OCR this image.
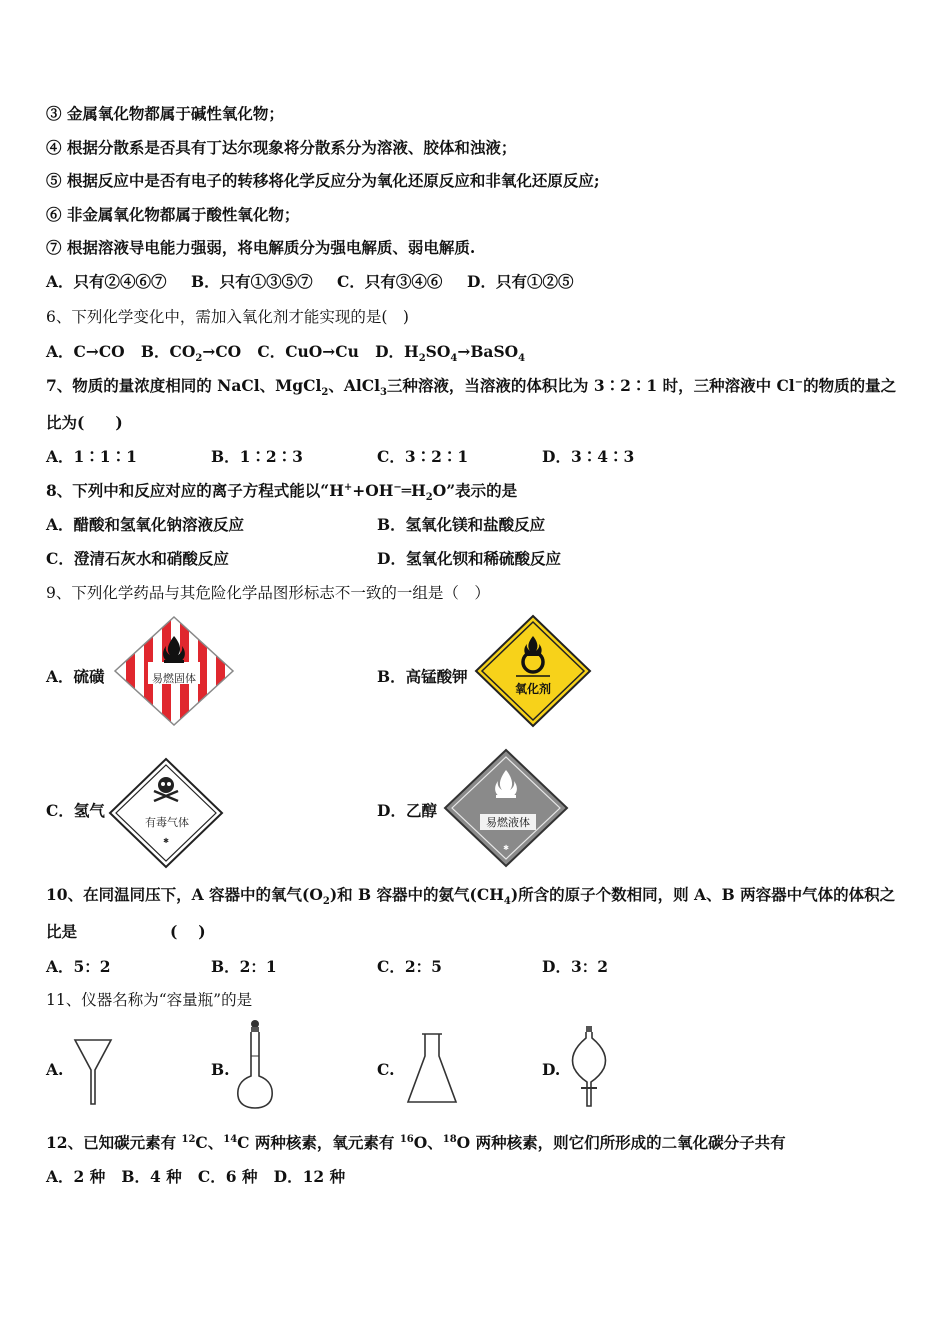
③ 金属氧化物都属于碱性氧化物；
④ 根据分散系是否具有丁达尔现象将分散系分为溶液、胶体和浊液；
⑤ 根据反应中是否有电子的转移将化学反应分为氧化还原反应和非氧化还原反应;
⑥ 非金属氧化物都属于酸性氧化物；
⑦ 根据溶液导电能力强弱，将电解质分为强电解质、弱电解质.
A．只有②④⑥⑦ B．只有①③⑤⑦ C．只有③④⑥ D．只有①②⑤
6、下列化学变化中，需加入氧化剂才能实现的是(　)
A．C→CO B．$CO_2\to CO$ C．CuO→Cu D．$H_2SO_4\to BaSO_4$
7、物质的量浓度相同的 NaCl、MgCl$_2$、AlCl$_3$三种溶液，当溶液的体积比为 3∶2∶1 时，三种溶液中 Cl−的物质的量之
比为(　　)
A．1∶1∶1	B．1∶2∶3	C．3∶2∶1	D．3∶4∶3
8、下列中和反应对应的离子方程式能以“$H^++OH^-═H_2O$”表示的是
A．醋酸和氢氧化钠溶液反应	B．氢氧化镁和盐酸反应
C．澄清石灰水和硝酸反应	D．氢氧化钡和稀硫酸反应
9、下列化学药品与其危险化学品图形标志不一致的一组是（　）
A．硫磺	易燃固体	B．高锰酸钾
氧化剂
C．氢气
✱
有毒气体
D．乙醇
✱
易燃液体
10、在同温同压下，A 容器中的氧气$(O_2)$和 B 容器中的氨气$(CH_4)$所含的原子个数相同，则 A、B 两容器中气体的体积之
比是　　　　　　(　 )
A．5：2	B．2：1	C．2：5	D．3：2
11、仪器名称为“容量瓶”的是
A.	B.	C.	D.
12、已知碳元素有 $^{12}$C、$^{14}$C 两种核素，氧元素有 $^{16}$O、$^{18}$O 两种核素，则它们所形成的二氧化碳分子共有
A．2 种 B．4 种 C．6 种 D．12 种
